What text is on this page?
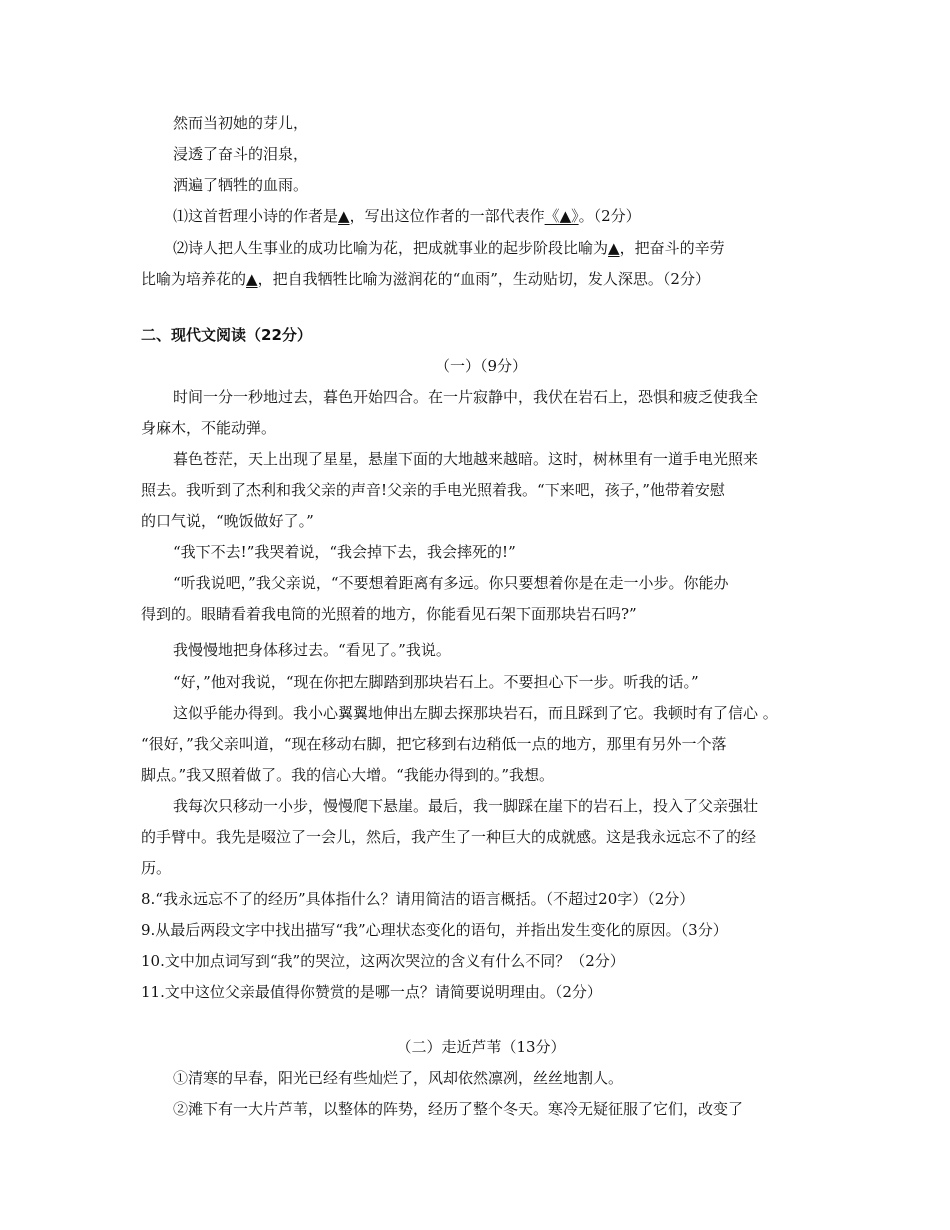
然而当初她的芽儿，
浸透了奋斗的泪泉，
洒遍了牺牲的血雨。
⑴这首哲理小诗的作者是▲，写出这位作者的一部代表作《▲》。（2分）
⑵诗人把人生事业的成功比喻为花，把成就事业的起步阶段比喻为▲，把奋斗的辛劳
比喻为培养花的▲，把自我牺牲比喻为滋润花的“血雨”，生动贴切，发人深思。（2分）
二、现代文阅读（22分）
（一）（9分）
时间一分一秒地过去，暮色开始四合。在一片寂静中，我伏在岩石上，恐惧和疲乏使我全
身麻木，不能动弹。
暮色苍茫，天上出现了星星，悬崖下面的大地越来越暗。这时，树林里有一道手电光照来
照去。我听到了杰利和我父亲的声音!父亲的手电光照着我。“下来吧，孩子，”他带着安慰
的口气说，“晚饭做好了。”
“我下不去!”我哭着说，“我会掉下去，我会摔死的!”
“听我说吧，”我父亲说，“不要想着距离有多远。你只要想着你是在走一小步。你能办
得到的。眼睛看着我电筒的光照着的地方，你能看见石架下面那块岩石吗?”
我慢慢地把身体移过去。“看见了。”我说。
“好，”他对我说，“现在你把左脚踏到那块岩石上。不要担心下一步。听我的话。”
这似乎能办得到。我小心翼翼地伸出左脚去探那块岩石，而且踩到了它。我顿时有了信心 。
“很好，”我父亲叫道，“现在移动右脚，把它移到右边稍低一点的地方，那里有另外一个落
脚点。”我又照着做了。我的信心大增。“我能办得到的。”我想。
我每次只移动一小步，慢慢爬下悬崖。最后，我一脚踩在崖下的岩石上，投入了父亲强壮
的手臂中。我先是啜泣了一会儿，然后，我产生了一种巨大的成就感。这是我永远忘不了的经
历。
8.“我永远忘不了的经历”具体指什么？请用简洁的语言概括。（不超过20字）（2分）
9.从最后两段文字中找出描写“我”心理状态变化的语句，并指出发生变化的原因。（3分）
10.文中加点词写到“我”的哭泣，这两次哭泣的含义有什么不同？（2分）
11.文中这位父亲最值得你赞赏的是哪一点？请简要说明理由。（2分）
（二）走近芦苇（13分）
①清寒的早春，阳光已经有些灿烂了，风却依然凛冽，丝丝地割人。
②滩下有一大片芦苇，以整体的阵势，经历了整个冬天。寒冷无疑征服了它们，改变了
